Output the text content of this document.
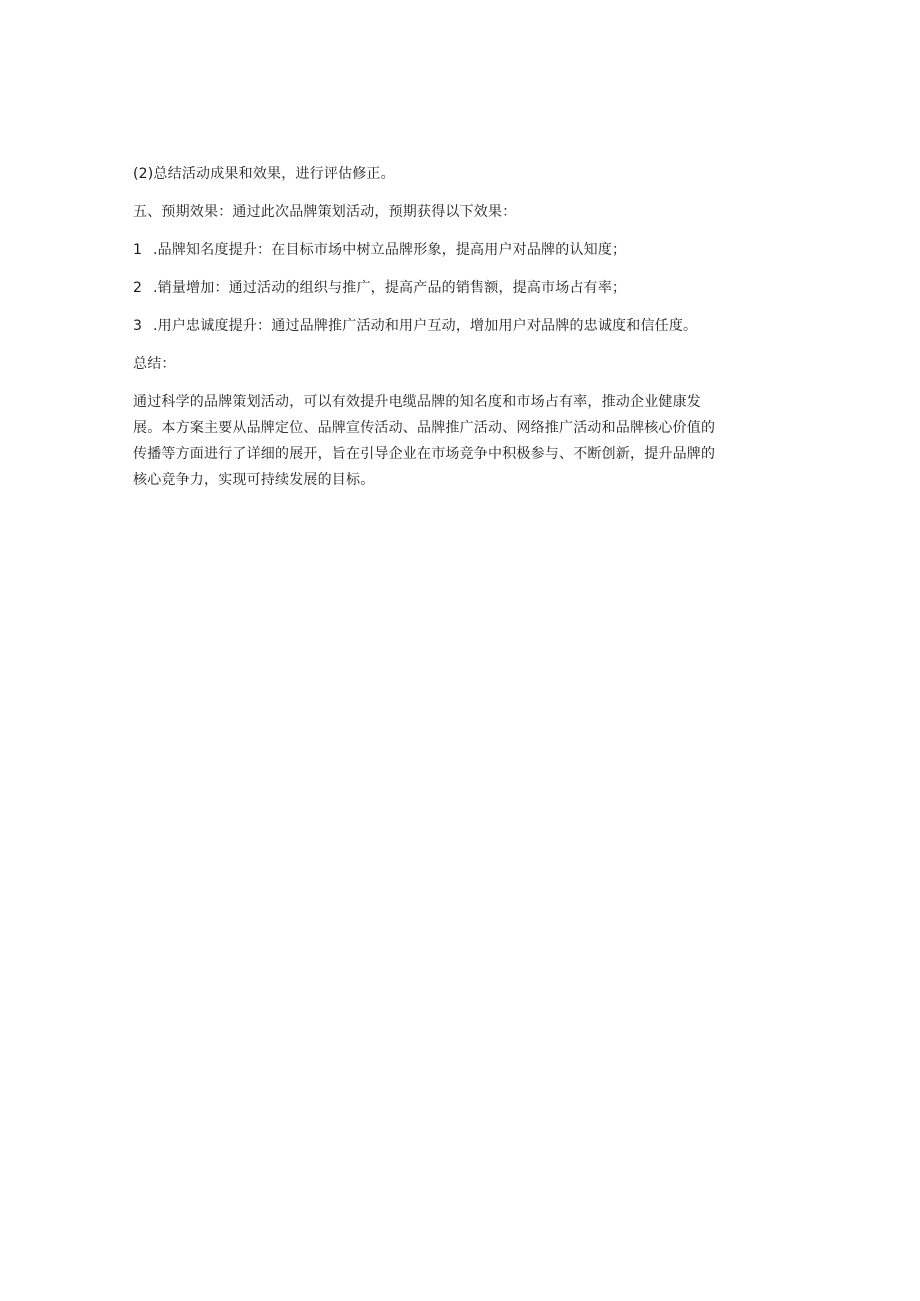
(2)总结活动成果和效果，进行评估修正。

五、预期效果：通过此次品牌策划活动，预期获得以下效果：

1 .品牌知名度提升：在目标市场中树立品牌形象，提高用户对品牌的认知度；

2 .销量增加：通过活动的组织与推广，提高产品的销售额，提高市场占有率；

3 .用户忠诚度提升：通过品牌推广活动和用户互动，增加用户对品牌的忠诚度和信任度。

总结：

通过科学的品牌策划活动，可以有效提升电缆品牌的知名度和市场占有率，推动企业健康发
展。本方案主要从品牌定位、品牌宣传活动、品牌推广活动、网络推广活动和品牌核心价值的
传播等方面进行了详细的展开，旨在引导企业在市场竞争中积极参与、不断创新，提升品牌的
核心竞争力，实现可持续发展的目标。
